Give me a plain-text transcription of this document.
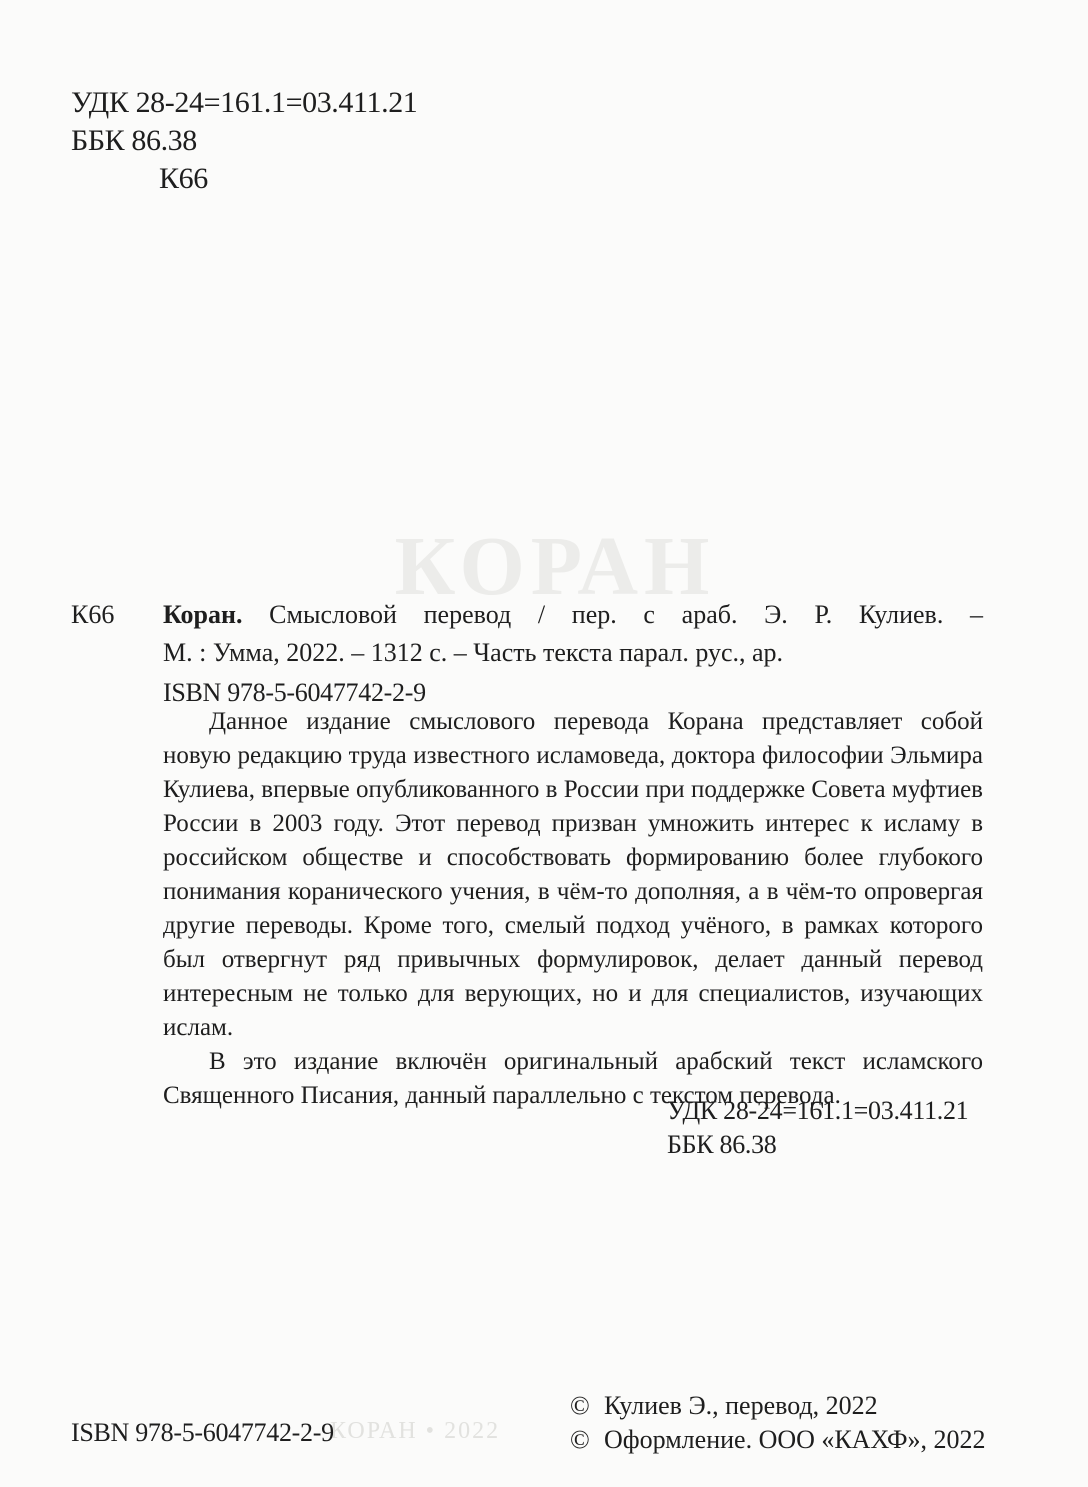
УДК 28-24=161.1=03.411.21
ББК 86.38
К66
КОРАН
К66	Коран. Смысловой перевод / пер. с араб. Э. Р. Кулиев. –
М. : Умма, 2022. – 1312 с. – Часть текста парал. рус., ар.
ISBN 978-5-6047742-2-9

Данное издание смыслового перевода Корана представляет собой новую редакцию труда известного исламоведа, доктора философии Эльмира Кулиева, впервые опубликованного в России при поддержке Совета муфтиев России в 2003 году. Этот перевод призван умножить интерес к исламу в российском обществе и способствовать формированию более глубокого понимания коранического учения, в чём-то дополняя, а в чём-то опровергая другие переводы. Кроме того, смелый подход учёного, в рамках которого был отвергнут ряд привычных формулировок, делает данный перевод интересным не только для верующих, но и для специалистов, изучающих ислам.

В это издание включён оригинальный арабский текст исламского Священного Писания, данный параллельно с текстом перевода.

УДК 28-24=161.1=03.411.21
ББК 86.38
КОРАН • 2022
ISBN 978-5-6047742-2-9
© Кулиев Э., перевод, 2022
© Оформление. ООО «КАХФ», 2022
